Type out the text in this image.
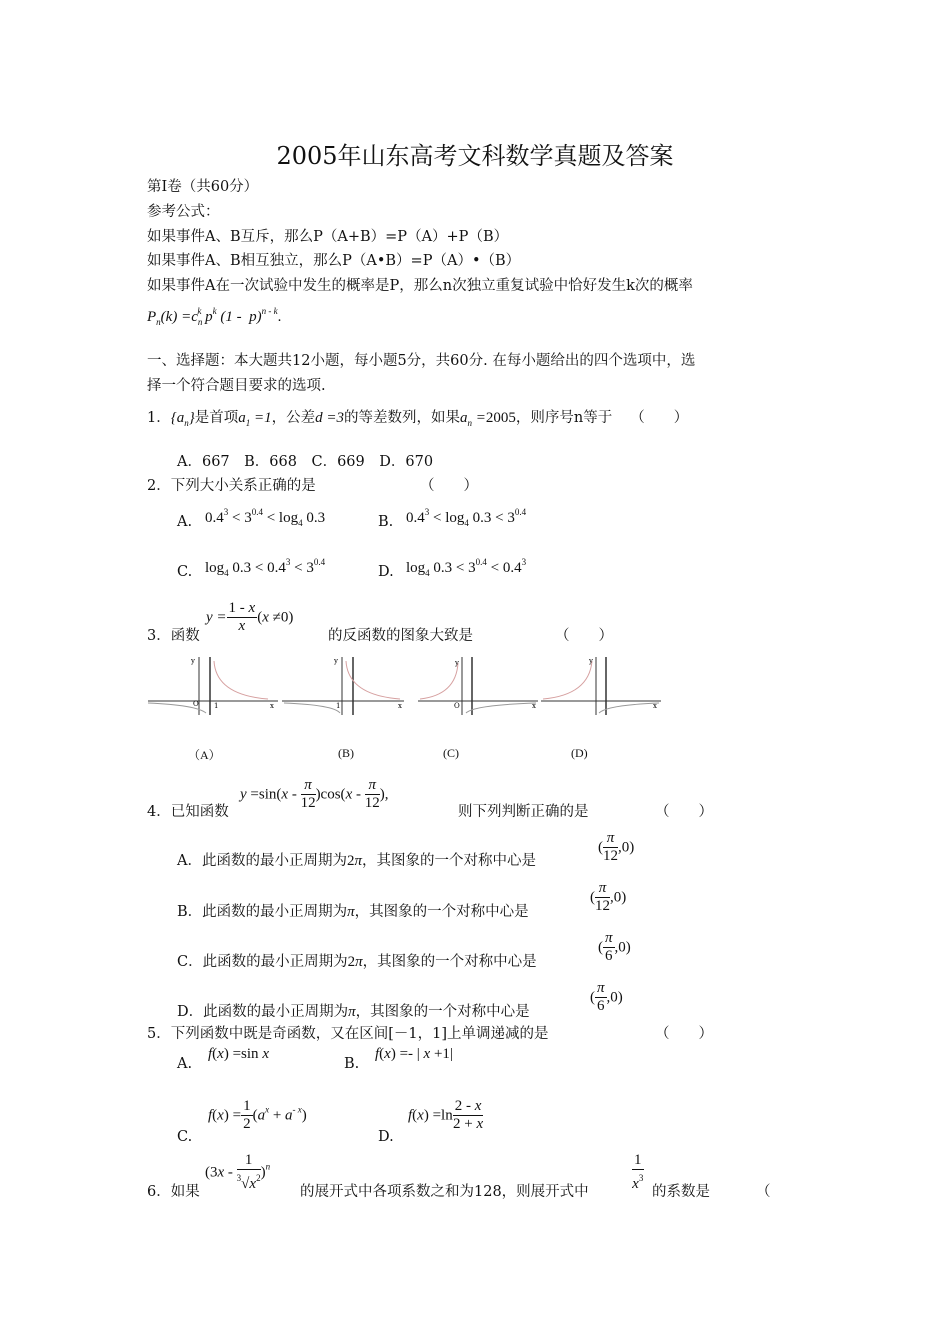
2005年山东高考文科数学真题及答案
第Ⅰ卷（共60分）
参考公式：
如果事件A、B互斥，那么P（A+B）=P（A）+P（B）
如果事件A、B相互独立，那么P（A•B）=P（A）•（B）
如果事件A在一次试验中发生的概率是P，那么n次独立重复试验中恰好发生k次的概率
$P_n(k) =c_n^k$ $p^k$ (1 -  p)$^{n - k}$.
一、选择题：本大题共12小题，每小题5分，共60分. 在每小题给出的四个选项中，选
择一个符合题目要求的选项.
1．$\{a_n\}$是首项$a_1 =1$，公差d =3的等差数列，如果$a_n =2005$，则序号n等于 （　　）
A．667　B．668　C．669　D．670
2．下列大小关系正确的是	（　　）
A. $0.4^3 < 3^{0.4} < \log_4 0.3$	B. $0.4^3 < \log_4 0.3 < 3^{0.4}$
C. $\log_4 0.3 < 0.4^3 < 3^{0.4}$
D. $\log_4 0.3 < 3^{0.4} < 0.4^3$
3．函数
$y = \frac{1 - x}{x} (x \ne 0)$
的反函数的图象大致是	（　　）
y
O 1	x
y
1	x
y
O	x
y
x
（A）	(B)	(C)	(D)
4．已知函数
$y =\sin(x - \frac{\pi}{12} )\cos(x - \frac{\pi}{12}$ ),
则下列判断正确的是	（　　）
A．此函数的最小正周期为2π，其图象的一个对称中心是
( $\frac{\pi}{12} ,0$)
B．此函数的最小正周期为π，其图象的一个对称中心是
( $\frac{\pi}{12} ,0$)
C．此函数的最小正周期为2π，其图象的一个对称中心是
( $\frac{\pi}{6} ,0$)
D．此函数的最小正周期为π，其图象的一个对称中心是
( $\frac{\pi}{6} ,0$)
5．下列函数中既是奇函数，又在区间[－1，1]上单调递减的是	（　　）
A.
f(x) =sin x
B.
f(x) =- | x +1|
C.
$f(x) = \frac{1}{2} (a^x + a^{- x})$
D.
$f(x) =\ln \frac{2 - x}{2 + x}$
6．如果
$(3x - \frac{1}{^3√x^2} )^n$
的展开式中各项系数之和为128，则展开式中	$\frac{1}{x^3}$ 的系数是	（
